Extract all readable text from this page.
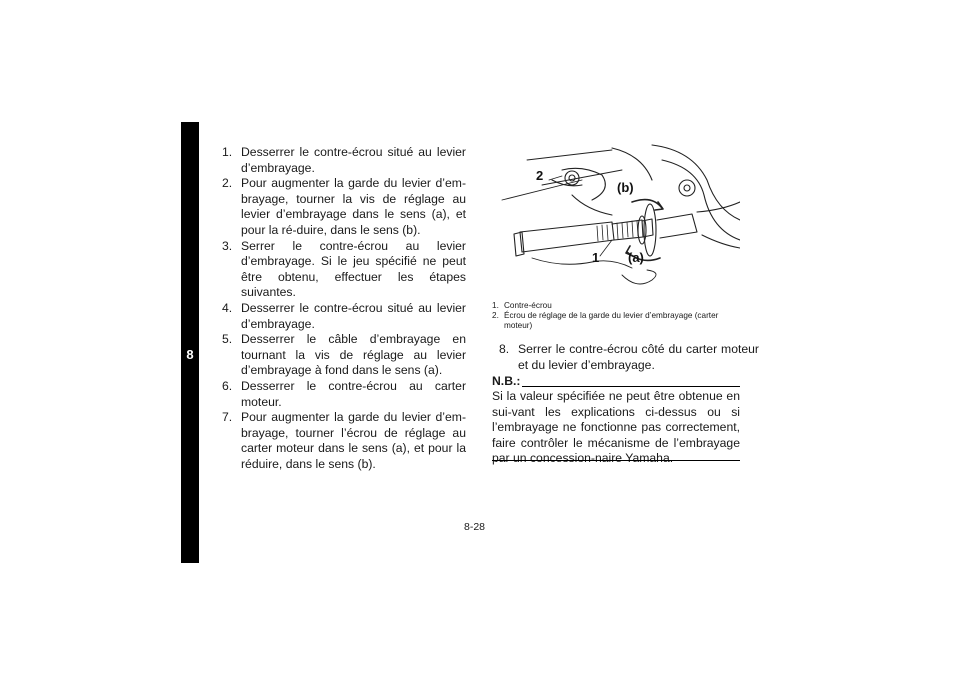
8

1 . Desserrer le contre-écrou situé au levier d’embrayage.

2 . Pour augmenter la garde du levier d’em-brayage, tourner la vis de réglage au levier d’embrayage dans le sens (a), et pour la ré-duire, dans le sens (b).

3 . Serrer le contre-écrou au levier d’embrayage. Si le jeu spécifié ne peut être obtenu, effectuer les étapes suivantes.

4 . Desserrer le contre-écrou situé au levier d’embrayage.

5 . Desserrer le câble d’embrayage en tournant la vis de réglage au levier d’embrayage à fond dans le sens (a).

6 . Desserrer le contre-écrou au carter moteur.

7 . Pour augmenter la garde du levier d’em-brayage, tourner l’écrou de réglage au carter moteur dans le sens (a), et pour la réduire, dans le sens (b).

2
1
(b)
(a)

1 . Contre-écrou

2 . Écrou de réglage de la garde du levier d’embrayage (carter moteur)

8 . Serrer le contre-écrou côté du carter moteur et du levier d’embrayage.

N.B.:

Si la valeur spécifiée ne peut être obtenue en sui-vant les explications ci-dessus ou si l’embrayage ne fonctionne pas correctement, faire contrôler le mécanisme de l’embrayage par un concession-naire Yamaha.

8-28
